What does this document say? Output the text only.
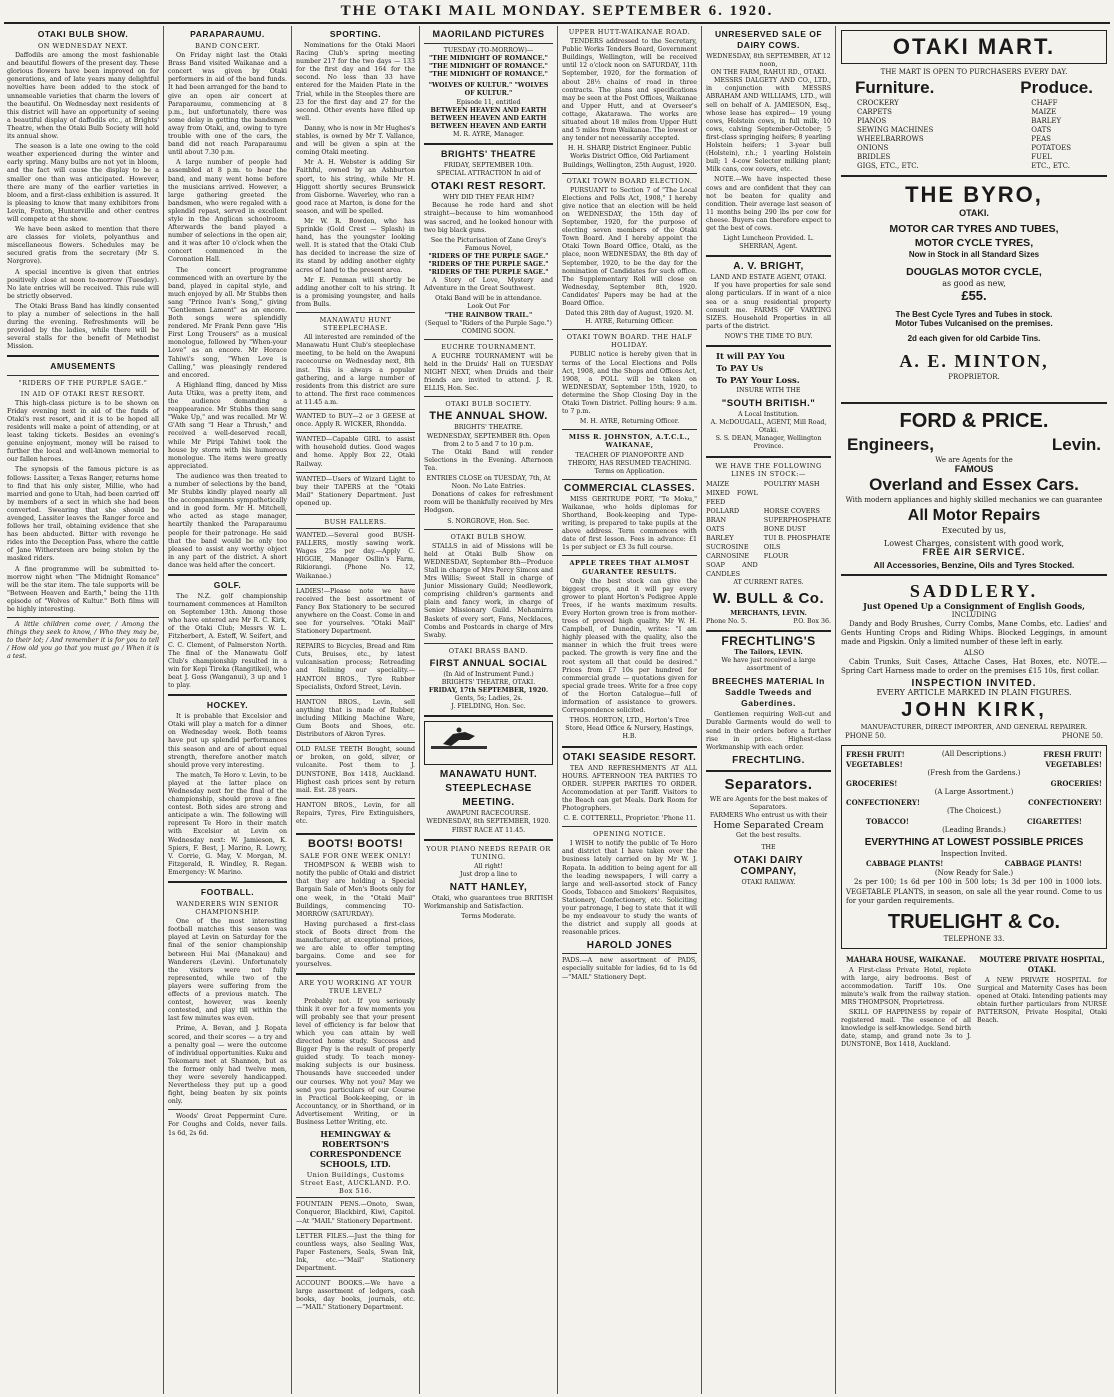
THE OTAKI MAIL MONDAY. SEPTEMBER 6. 1920.
OTAKI BULB SHOW.
ON WEDNESDAY NEXT.

Daffodils are among the most fashionable and beautiful flowers of the present day. These glorious flowers have been improved on for generations, and of late years many delightful novelties have been added to the stock of unnameable varieties that charm the lovers of the beautiful. On Wednesday next residents of this district will have an opportunity of seeing a beautiful display of daffodils etc., at Brights' Theatre, when the Otaki Bulb Society will hold its annual show.

The season is a late one owing to the cold weather experienced during the winter and early spring. Many bulbs are not yet in bloom, and the fact will cause the display to be a smaller one than was anticipated. However, there are many of the earlier varieties in bloom, and a first-class exhibition is assured. It is pleasing to know that many exhibitors from Levin, Foxton, Hunterville and other centres will compete at the show.

We have been asked to mention that there are classes for violets, polyanthus and miscellaneous flowers. Schedules may be secured gratis from the secretary (Mr S. Norgrove).

A special incentive is given that entries positively close at noon to-morrow (Tuesday). No late entries will be received. This rule will be strictly observed.

The Otaki Brass Band has kindly consented to play a number of selections in the hall during the evening. Refreshments will be provided by the ladies, while there will be several stalls for the benefit of Methodist Mission.

AMUSEMENTS
"RIDERS OF THE PURPLE SAGE."
IN AID OF OTAKI REST RESORT.

This high-class picture is to be shown on Friday evening next in aid of the funds of Otaki's rest resort, and it is to be hoped all residents will make a point of attending, or at least taking tickets. Besides an evening's genuine enjoyment, money will be raised to further the local and well-known memorial to our fallen heroes.

The synopsis of the famous picture is as follows: Lassiter, a Texas Ranger, returns home to find that his only sister, Millie, who had married and gone to Utah, had been carried off by members of a sect in which she had been converted. Swearing that she should be avenged, Lassiter leaves the Ranger force and follows her trail, obtaining evidence that she has been abducted. Bitter with revenge he rides into the Deception Pass, where the cattle of Jane Withersteen are being stolen by the masked riders.

A fine programme will be submitted to-morrow night when "The Midnight Romance" will be the star item. The tale supports will be "Between Heaven and Earth," being the 11th episode of "Wolves of Kultur." Both films will be highly interesting.

A little children come over, / Among the things they seek to know, / Who they may be, to their lot; / And remember it is for you to tell / How old you go that you must go / When it is a test.

PARAPARAUMU.
BAND CONCERT.

On Friday night last the Otaki Brass Band visited Waikanae and a concert was given by Otaki performers in aid of the band funds. It had been arranged for the band to give an open air concert at Paraparaumu, commencing at 8 p.m., but unfortunately, there was some delay in getting the bandsmen away from Otaki, and, owing to tyre trouble with one of the cars, the band did not reach Paraparaumu until about 7.30 p.m.

A large number of people had assembled at 8 p.m. to hear the band, and many went home before the musicians arrived. However, a large gathering greeted the bandsmen, who were regaled with a splendid repast, served in excellent style in the Anglican schoolroom. Afterwards the band played a number of selections in the open air, and it was after 10 o'clock when the concert commenced in the Coronation Hall.

The concert programme commenced with an overture by the band, played in capital style, and much enjoyed by all. Mr Stubbs then sang "Prince Ivan's Song," giving "Gentlemen Lament" as an encore. Both songs were splendidly rendered. Mr Frank Penn gave "His First Long Trousers" as a musical monologue, followed by "When-your Love" as an encore. Mr Horace Tahiwi's song, "When Love is Calling," was pleasingly rendered and encored.

A Highland fling, danced by Miss Auta Utiku, was a pretty item, and the audience demanding a reappearance. Mr Stubbs then sang "Wake Up," and was recalled. Mr W. G'Ath sang "I Hear a Thrush," and received a well-deserved recall, while Mr Piripi Tahiwi took the house by storm with his humorous monologue. The items were greatly appreciated.

The audience was then treated to a number of selections by the band, Mr Stubbs kindly played nearly all the accompaniments sympathetically and in good form. Mr H. Mitchell, who acted as stage manager, heartily thanked the Paraparaumu people for their patronage. He said that the band would be only too pleased to assist any worthy object in any part of the district. A short dance was held after the concert.

GOLF.

The N.Z. golf championship tournament commences at Hamilton on September 13th. Among those who have entered are Mr R. C. Kirk, of the Otaki Club; Messrs W. L. Fitzherbert, A. Esteff, W. Seifert, and C. C. Clement, of Palmerston North. The final of the Manawatu Golf Club's championship resulted in a win for Kepi Tireka (Rangitikei), who beat J. Goss (Wanganui), 3 up and 1 to play.

HOCKEY.

It is probable that Excelsior and Otaki will play a match for a dinner on Wednesday week. Both teams have put up splendid performances this season and are of about equal strength, therefore another match should prove very interesting.

The match, Te Horo v. Levin, to be played at the latter place on Wednesday next for the final of the championship, should prove a fine contest. Both sides are strong and anticipate a win. The following will represent Te Horo in their match with Excelsior at Levin on Wednesday next: W. Jamieson, K. Spiers, F. Best, J. Marino, R. Lowry, V. Corrie, G. May, V. Morgan, M. Fitzgerald, R. Windley, R. Regan. Emergency: W. Marino.

FOOTBALL.
WANDERERS WIN SENIOR CHAMPIONSHIP.

One of the most interesting football matches this season was played at Levin on Saturday for the final of the senior championship between Hui Mai (Manakau) and Wanderers (Levin). Unfortunately the visitors were not fully represented, while two of the players were suffering from the effects of a previous match. The contest, however, was keenly contested, and play till within the last few minutes was even.

Prime, A. Bevan, and J. Ropata scored, and their scores — a try and a penalty goal — were the outcome of individual opportunities. Kuku and Tokomaru met at Shannon, but as the former only had twelve men, they were severely handicapped. Nevertheless they put up a good fight, being beaten by six points only.

Woods' Great Peppermint Cure. For Coughs and Colds, never fails. 1s 6d, 2s 6d.

SPORTING.

Nominations for the Otaki Maori Racing Club's spring meeting number 217 for the two days — 133 for the first day and 164 for the second. No less than 33 have entered for the Maiden Plate in the Trial, while in the Steeples there are 23 for the first day and 27 for the second. Other events have filled up well.

Danny, who is now in Mr Hughes's stables, is owned by Mr T. Vallance, and will be given a spin at the coming Otaki meeting.

Mr A. H. Webster is adding Sir Faithful, owned by an Ashburton sport, to his string, while Mr H. Higgott shortly secures Brunswick from Gisborne. Waverley, who ran a good race at Marton, is done for the season, and will be spelled.

Mr W. R. Bowden, who has Sprinkle (Gold Crest — Splash) in hand, has the youngster looking well. It is stated that the Otaki Club has decided to increase the size of its stand by adding another eighty acres of land to the present area.

Mr E. Penman will shortly be adding another colt to his string. It is a promising youngster, and hails from Bulls.

MANAWATU HUNT STEEPLECHASE.

All interested are reminded of the Manawatu Hunt Club's steeplechase meeting, to be held on the Awapuni racecourse on Wednesday next, 8th inst. This is always a popular gathering, and a large number of residents from this district are sure to attend. The first race commences at 11.45 a.m.

WANTED to BUY—2 or 3 GEESE at once. Apply R. WICKER, Rhondda.
WANTED—Capable GIRL to assist with household duties. Good wages and home. Apply Box 22, Otaki Railway.
WANTED—Users of Wizard Light to buy their TAPERS at the "Otaki Mail" Stationery Department. Just opened up.
BUSH FALLERS.
WANTED.—Several good BUSH-FALLERS, mostly sawing work. Wages 25s per day.—Apply C. HIGGIE, Manager Osllin's Farm, Rikiorangi. (Phone No. 12, Waikanae.)
LADIES!—Please note we have received the best assortment of Fancy Box Stationery to be secured anywhere on the Coast. Come in and see for yourselves. "Otaki Mail" Stationery Department.
REPAIRS to Bicycles, Bread and Rim Cuts, Bruises, etc., by latest vulcanisation process; Retreading and Relining our speciality.—HANTON BROS., Tyre Rubber Specialists, Oxford Street, Levin.
HANTON BROS., Levin, sell anything that is made of Rubber, including Milking Machine Ware, Gum Boots and Shoes, etc. Distributors of Akron Tyres.
OLD FALSE TEETH Bought, sound or broken, on gold, silver, or vulcanite. Post them to J. DUNSTONE, Box 1418, Auckland. Highest cash prices sent by return mail. Est. 28 years.
HANTON BROS., Levin, for all Repairs, Tyres, Fire Extinguishers, etc.
BOOTS! BOOTS!
SALE FOR ONE WEEK ONLY!

THOMPSON & WEBB wish to notify the public of Otaki and district that they are holding a Special Bargain Sale of Men's Boots only for one week, in the "Otaki Mail" Buildings, commencing TO-MORROW (SATURDAY).

Having purchased a first-class stock of Boots direct from the manufacturer, at exceptional prices, we are able to offer tempting bargains. Come and see for yourselves.

ARE YOU WORKING AT YOUR TRUE LEVEL?

Probably not. If you seriously think it over for a few moments you will probably see that your present level of efficiency is far below that which you can attain by well directed home study. Success and Bigger Pay is the result of properly guided study. To teach money-making subjects is our business. Thousands have succeeded under our courses. Why not you? May we send you particulars of our Course in Practical Book-keeping, or in Accountancy, or in Shorthand, or in Advertisement Writing, or in Business Letter Writing, etc.

HEMINGWAY & ROBERTSON'S CORRESPONDENCE SCHOOLS, LTD.
Union Buildings, Customs Street East, AUCKLAND. P.O. Box 516.
FOUNTAIN PENS.—Onoto, Swan, Conqueror, Blackbird, Kiwi, Capitol. —At "MAIL" Stationery Department.
LETTER FILES.—Just the thing for countless ways, also Sealing Wax, Paper Fasteners, Seals, Swan Ink, Ink, etc.—"Mail" Stationery Department.
ACCOUNT BOOKS.—We have a large assortment of ledgers, cash books, day books, journals, etc.—"MAIL" Stationery Department.
MAORILAND PICTURES
TUESDAY (TO-MORROW)—
"THE MIDNIGHT OF ROMANCE."
"THE MIDNIGHT OF ROMANCE."
"THE MIDNIGHT OF ROMANCE."
"WOLVES OF KULTUR." "WOLVES OF KULTUR."
Episode 11, entitled
BETWEEN HEAVEN AND EARTH
BETWEEN HEAVEN AND EARTH
BETWEEN HEAVEN AND EARTH
M. R. AYRE, Manager.
BRIGHTS' THEATRE
FRIDAY, SEPTEMBER 10th.
SPECIAL ATTRACTION In aid of
OTAKI REST RESORT.
WHY DID THEY FEAR HIM?

Because he rode hard and shot straight—because to him womanhood was sacred, and he looked honour with two big black guns.

See the Picturisation of Zane Grey's Famous Novel,
"RIDERS OF THE PURPLE SAGE."
"RIDERS OF THE PURPLE SAGE."
"RIDERS OF THE PURPLE SAGE."

A Story of Love, Mystery and Adventure in the Great Southwest.

Otaki Band will be in attendance.
Look Out For
"THE RAINBOW TRAIL."
(Sequel to "Riders of the Purple Sage.")
COMING SOON.
EUCHRE TOURNAMENT.

A EUCHRE TOURNAMENT will be held in the Druids' Hall on TUESDAY NIGHT NEXT, when Druids and their friends are invited to attend. J. R. ELLIS, Hon. Sec.

OTAKI BULB SOCIETY.
THE ANNUAL SHOW.
BRIGHTS' THEATRE.
WEDNESDAY, SEPTEMBER 8th. Open from 2 to 5 and 7 to 10 p.m.

The Otaki Band will render Selections in the Evening. Afternoon Tea.

ENTRIES CLOSE on TUESDAY, 7th, At Noon. No Late Entries.

Donations of cakes for refreshment room will be thankfully received by Mrs Hodgson.

S. NORGROVE, Hon. Sec.
OTAKI BULB SHOW.

STALLS in aid of Missions will be held at Otaki Bulb Show on WEDNESDAY, September 8th—Produce Stall in charge of Mrs Percy Simcox and Mrs Willis; Sweet Stall in charge of Junior Missionary Guild; Needlework, comprising children's garments and plain and fancy work, in charge of Senior Missionary Guild. Mehamirra Baskets of every sort, Fans, Necklaces, Combs and Postcards in charge of Mrs Swaby.

OTAKI BRASS BAND.
FIRST ANNUAL SOCIAL
(In Aid of Instrument Fund.)
BRIGHTS' THEATRE, OTAKI.
FRIDAY, 17th SEPTEMBER, 1920.
Gents, 5s; Ladies, 2s.
J. FIELDING, Hon. Sec.
MANAWATU HUNT.
STEEPLECHASE
MEETING.
AWAPUNI RACECOURSE.
WEDNESDAY, 8th SEPTEMBER, 1920.
FIRST RACE AT 11.45.
YOUR PIANO NEEDS REPAIR OR TUNING.
All right!
Just drop a line to
NATT HANLEY,

Otaki, who guarantees true BRITISH Workmanship and Satisfaction.

Terms Moderate.
UPPER HUTT-WAIKANAE ROAD.

TENDERS addressed to the Secretary, Public Works Tenders Board, Government Buildings, Wellington, will be received until 12 o'clock noon on SATURDAY, 11th September, 1920, for the formation of about 28½ chains of road in three contracts. The plans and specifications may be seen at the Post Offices, Waikanae and Upper Hutt, and at Overseer's cottage, Akatarawa. The works are situated about 18 miles from Upper Hutt and 5 miles from Waikanae. The lowest or any tender not necessarily accepted.

H. H. SHARP, District Engineer. Public Works District Office, Old Parliament Buildings, Wellington, 25th August, 1920.
OTAKI TOWN BOARD ELECTION.

PURSUANT to Section 7 of "The Local Elections and Polls Act, 1908," I hereby give notice that an election will be held on WEDNESDAY, the 15th day of September, 1920, for the purpose of electing seven members of the Otaki Town Board. And I hereby appoint the Otaki Town Board Office, Otaki, as the place, noon WEDNESDAY, the 8th day of September, 1920, to be the day for the nomination of Candidates for such office. The Supplementary Roll will close on Wednesday, September 8th, 1920. Candidates' Papers may be had at the Board Office.

Dated this 28th day of August, 1920. M. H. AYRE, Returning Officer.
OTAKI TOWN BOARD. THE HALF HOLIDAY.

PUBLIC notice is hereby given that in terms of the Local Elections and Polls Act, 1908, and the Shops and Offices Act, 1908, a POLL will be taken on WEDNESDAY, September 15th, 1920, to determine the Shop Closing Day in the Otaki Town District. Polling hours: 9 a.m. to 7 p.m.

M. H. AYRE, Returning Officer.
MISS R. JOHNSTON, A.T.C.L., WAIKANAE,
TEACHER OF PIANOFORTE AND THEORY, HAS RESUMED TEACHING. Terms on Application.
COMMERCIAL CLASSES.

MISS GERTRUDE PORT, "Te Moku," Waikanae, who holds diplomas for Shorthand, Book-keeping and Type-writing, is prepared to take pupils at the above address. Term commences with date of first lesson. Fees in advance: £1 1s per subject or £3 3s full course.

APPLE TREES THAT ALMOST GUARANTEE RESULTS.

Only the best stock can give the biggest crops, and it will pay every grower to plant Horton's Pedigree Apple Trees, if he wants maximum results. Every Horton grown tree is from mother-trees of proved high quality. Mr W. H. Campbell, of Dunedin, writes: "I am highly pleased with the quality, also the manner in which the fruit trees were packed. The growth is very fine and the root system all that could be desired." Prices from £7 10s per hundred for commercial grade — quotations given for special grade trees. Write for a free copy of the Horton Catalogue—full of information of assistance to growers. Correspondence solicited.

THOS. HORTON, LTD., Horton's Tree Store, Head Office & Nursery, Hastings, H.B.
OTAKI SEASIDE RESORT.

TEA AND REFRESHMENTS AT ALL HOURS. AFTERNOON TEA PARTIES TO ORDER. SUPPER PARTIES TO ORDER. Accommodation at per Tariff. Visitors to the Beach can get Meals. Dark Room for Photographers.

C. E. COTTERELL, Proprietor. 'Phone 11.
OPENING NOTICE.

I WISH to notify the public of Te Horo and district that I have taken over the business lately carried on by Mr W. J. Ropata. In addition to being agent for all the leading newspapers, I will carry a large and well-assorted stock of Fancy Goods, Tobacco and Smokers' Requisites, Stationery, Confectionery, etc. Soliciting your patronage, I beg to state that it will be my endeavour to study the wants of the district and supply all goods at reasonable prices.

HAROLD JONES
PADS.—A new assortment of PADS, especially suitable for ladies, 6d to 1s 6d—"MAIL" Stationery Dept.
UNRESERVED SALE OF DAIRY COWS.
WEDNESDAY, 8th SEPTEMBER, AT 12 noon,
ON THE FARM, RAHUI RD., OTAKI.

MESSRS DALGETY AND CO., LTD., in conjunction with MESSRS ABRAHAM AND WILLIAMS, LTD., will sell on behalf of A. JAMIESON, Esq., whose lease has expired— 19 young cows, Holstein cows, in full milk; 10 cows, calving September-October; 5 first-class springing heifers; 8 yearling Holstein heifers; 1 3-year bull (Holstein), r.h.; 1 yearling Holstein bull; 1 4-cow Selecter milking plant; Milk cans, cow covers, etc.

NOTE.—We have inspected these cows and are confident that they can not be beaten for quality and condition. Their average last season of 11 months being 290 lbs per cow for cheese. Buyers can therefore expect to get the best of cows.

Light Luncheon Provided. L. SHERRAN, Agent.
A. V. BRIGHT,
LAND AND ESTATE AGENT, OTAKI.

If you have properties for sale send along particulars. If in want of a nice sea or a snug residential property consult me. FARMS OF VARYING SIZES. Household Properties in all parts of the district.

NOW'S THE TIME TO BUY.
It will PAY You
To PAY Us
To PAY Your Loss.
INSURE WITH THE
"SOUTH BRITISH."
A Local Institution.
A. McDOUGALL, AGENT, Mill Road, Otaki.
S. S. DEAN, Manager, Wellington Province.
WE HAVE THE FOLLOWING LINES IN STOCK:—
MAIZE	POULTRY MASH
MIXED FOWL FEED
POLLARD	HORSE COVERS
BRAN	SUPERPHOSPHATE
OATS	BONE DUST
BARLEY	TUI B. PHOSPHATE
SUCROSINE	OILS
CARNOSINE	FLOUR
SOAP AND CANDLES
AT CURRENT RATES.
W. BULL & Co.
MERCHANTS, LEVIN.
Phone No. 5.	P.O. Box 36.
FRECHTLING'S
The Tailors, LEVIN.
We have just received a large assortment of
BREECHES MATERIAL In Saddle Tweeds and Gaberdines.

Gentlemen requiring Well-cut and Durable Garments would do well to send in their orders before a further rise in price. Highest-class Workmanship with each order.

FRECHTLING.
Separators.
WE are Agents for the best makes of Separators.
FARMERS Who entrust us with their
Home Separated Cream
Get the best results.
THE
OTAKI DAIRY COMPANY,
OTAKI RAILWAY.
OTAKI MART.
THE MART IS OPEN TO PURCHASERS EVERY DAY.
Furniture.	Produce.
CROCKERY
CARPETS
PIANOS
SEWING MACHINES
WHEELBARROWS
ONIONS
BRIDLES
GIGS, ETC., ETC.
CHAFF
MAIZE
BARLEY
OATS
PEAS
POTATOES
FUEL
ETC., ETC.
THE BYRO,
OTAKI.
MOTOR CAR TYRES AND TUBES,
MOTOR CYCLE TYRES,
Now in Stock in all Standard Sizes
DOUGLAS MOTOR CYCLE,
as good as new,
£55.
The Best Cycle Tyres and Tubes in stock.
Motor Tubes Vulcanised on the premises.
2d each given for old Carbide Tins.
A. E. MINTON,
PROPRIETOR.
FORD & PRICE.
Engineers,	Levin.
We are Agents for the
FAMOUS
Overland and Essex Cars.
With modern appliances and highly skilled mechanics we can guarantee
All Motor Repairs
Executed by us,
Lowest Charges, consistent with good work,
FREE AIR SERVICE.
All Accessories, Benzine, Oils and Tyres Stocked.
SADDLERY.
Just Opened Up a Consignment of English Goods,
INCLUDING

Dandy and Body Brushes, Curry Combs, Mane Combs, etc. Ladies' and Gents Hunting Crops and Riding Whips. Blocked Leggings, in amount made and Pigskin. Only a limited number of these left in early.

ALSO

Cabin Trunks, Suit Cases, Attache Cases, Hat Boxes, etc. NOTE.—Spring Cart Harness made to order on the premises £15 10s, first collar.

INSPECTION INVITED.
EVERY ARTICLE MARKED IN PLAIN FIGURES.
JOHN KIRK,
MANUFACTURER, DIRECT IMPORTER, AND GENERAL REPAIRER.
PHONE 50.	PHONE 50.
FRESH FRUIT!	(All Descriptions.)	FRESH FRUIT!
VEGETABLES!	VEGETABLES!
(Fresh from the Gardens.)
GROCERIES!	GROCERIES!
(A Large Assortment.)
CONFECTIONERY!	CONFECTIONERY!
(The Choicest.)
TOBACCO!	CIGARETTES!
(Leading Brands.)
EVERYTHING AT LOWEST POSSIBLE PRICES
Inspection Invited.
CABBAGE PLANTS!	CABBAGE PLANTS!
(Now Ready for Sale.)

2s per 100; 1s 6d per 100 in 500 lots; 1s 3d per 100 in 1000 lots. VEGETABLE PLANTS, in season, on sale all the year round. Come to us for your garden requirements.

TRUELIGHT & Co.
TELEPHONE 33.
MAHARA HOUSE, WAIKANAE.

A First-class Private Hotel, replete with large, airy bedrooms. Best of accommodation. Tariff 10s. One minute's walk from the railway station. MRS THOMPSON, Proprietress.

SKILL OF HAPPINESS by repair of registered mail. The essence of all knowledge is self-knowledge. Send birth date, stamp, and grand note 3s to J. DUNSTONE, Box 1418, Auckland.

MOUTERE PRIVATE HOSPITAL, OTAKI.

A NEW PRIVATE HOSPITAL for Surgical and Maternity Cases has been opened at Otaki. Intending patients may obtain further particulars from NURSE PATTERSON, Private Hospital, Otaki Beach.
